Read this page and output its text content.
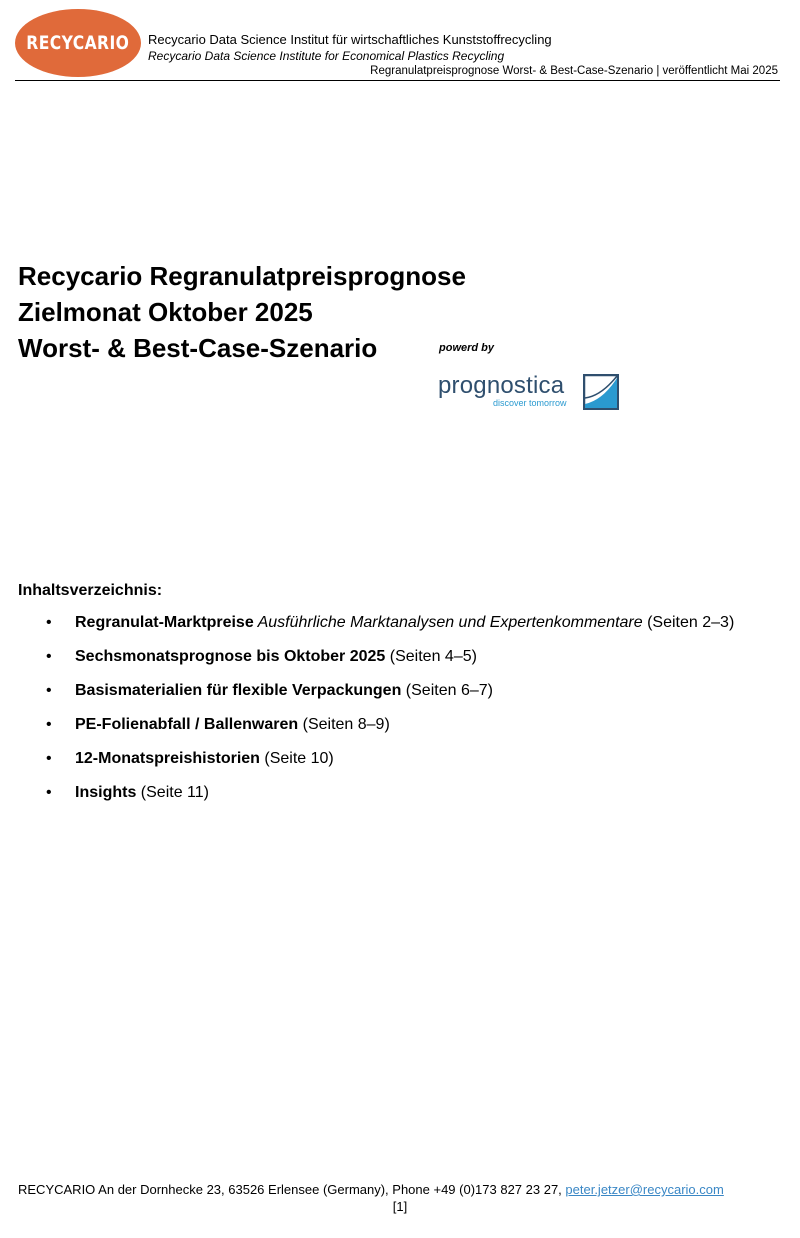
RECYCARIO Recycario Data Science Institut für wirtschaftliches Kunststoffrecycling
Recycario Data Science Institute for Economical Plastics Recycling
Regranulatpreisprognose Worst- & Best-Case-Szenario | veröffentlicht Mai 2025
Recycario Regranulatpreisprognose
Zielmonat Oktober 2025
Worst- & Best-Case-Szenario	powerd by
prognostica
discover tomorrow
Inhaltsverzeichnis:
• Regranulat-Marktpreise Ausführliche Marktanalysen und Expertenkommentare (Seiten 2–3)
• Sechsmonatsprognose bis Oktober 2025 (Seiten 4–5)
• Basismaterialien für flexible Verpackungen (Seiten 6–7)
• PE-Folienabfall / Ballenwaren (Seiten 8–9)
• 12-Monatspreishistorien (Seite 10)
• Insights (Seite 11)
RECYCARIO An der Dornhecke 23, 63526 Erlensee (Germany), Phone +49 (0)173 827 23 27, peter.jetzer@recycario.com
[1]
